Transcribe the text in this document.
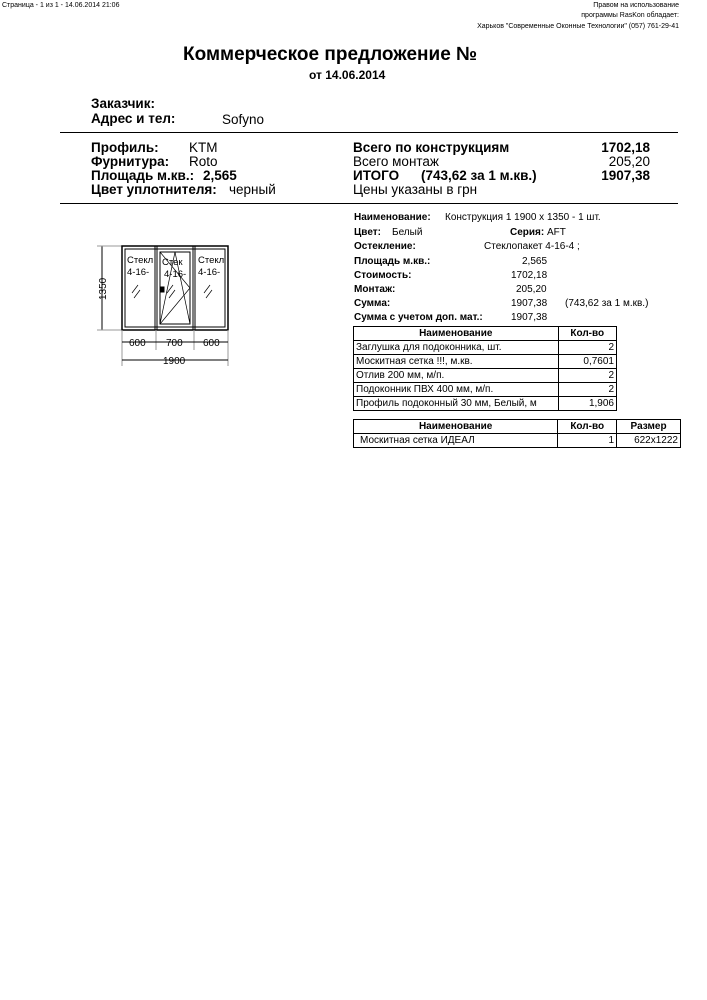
Страница - 1 из 1 - 14.06.2014 21:06	Правом на использование
программы RasKon обладает:
Харьков "Современные Оконные Технологии" (057) 761-29-41
Коммерческое предложение №
от 14.06.2014
Заказчик:
Адрес и тел:	Sofyno
Профиль: KTM
Фурнитура: Roto
Площадь м.кв.: 2,565
Цвет уплотнителя: черный
Всего по конструкциям	1702,18
Всего монтаж	205,20
ИТОГО (743,62 за 1 м.кв.)	1907,38
Цены указаны в грн
Наименование: Конструкция 1 1900 x 1350 - 1 шт.
Цвет: Белый	Серия: AFT
Остекление:	Стеклопакет 4-16-4 ;
Площадь м.кв.:	2,565
Стоимость:	1702,18
Монтаж:	205,20
Сумма:	1907,38 (743,62 за 1 м.кв.)
Сумма с учетом доп. мат.:	1907,38
1350
Стекл
4-16-
Стек
4-16-
Стекл
4-16-
600 700 600
1900
Наименование	Кол-во
Заглушка для подоконника, шт.	2
Москитная сетка !!!, м.кв.	0,7601
Отлив 200 мм, м/п.	2
Подоконник ПВХ 400 мм, м/п.	2
Профиль подоконный 30 мм, Белый, м	1,906
Наименование	Кол-во	Размер
Москитная сетка ИДЕАЛ	1	622x1222
